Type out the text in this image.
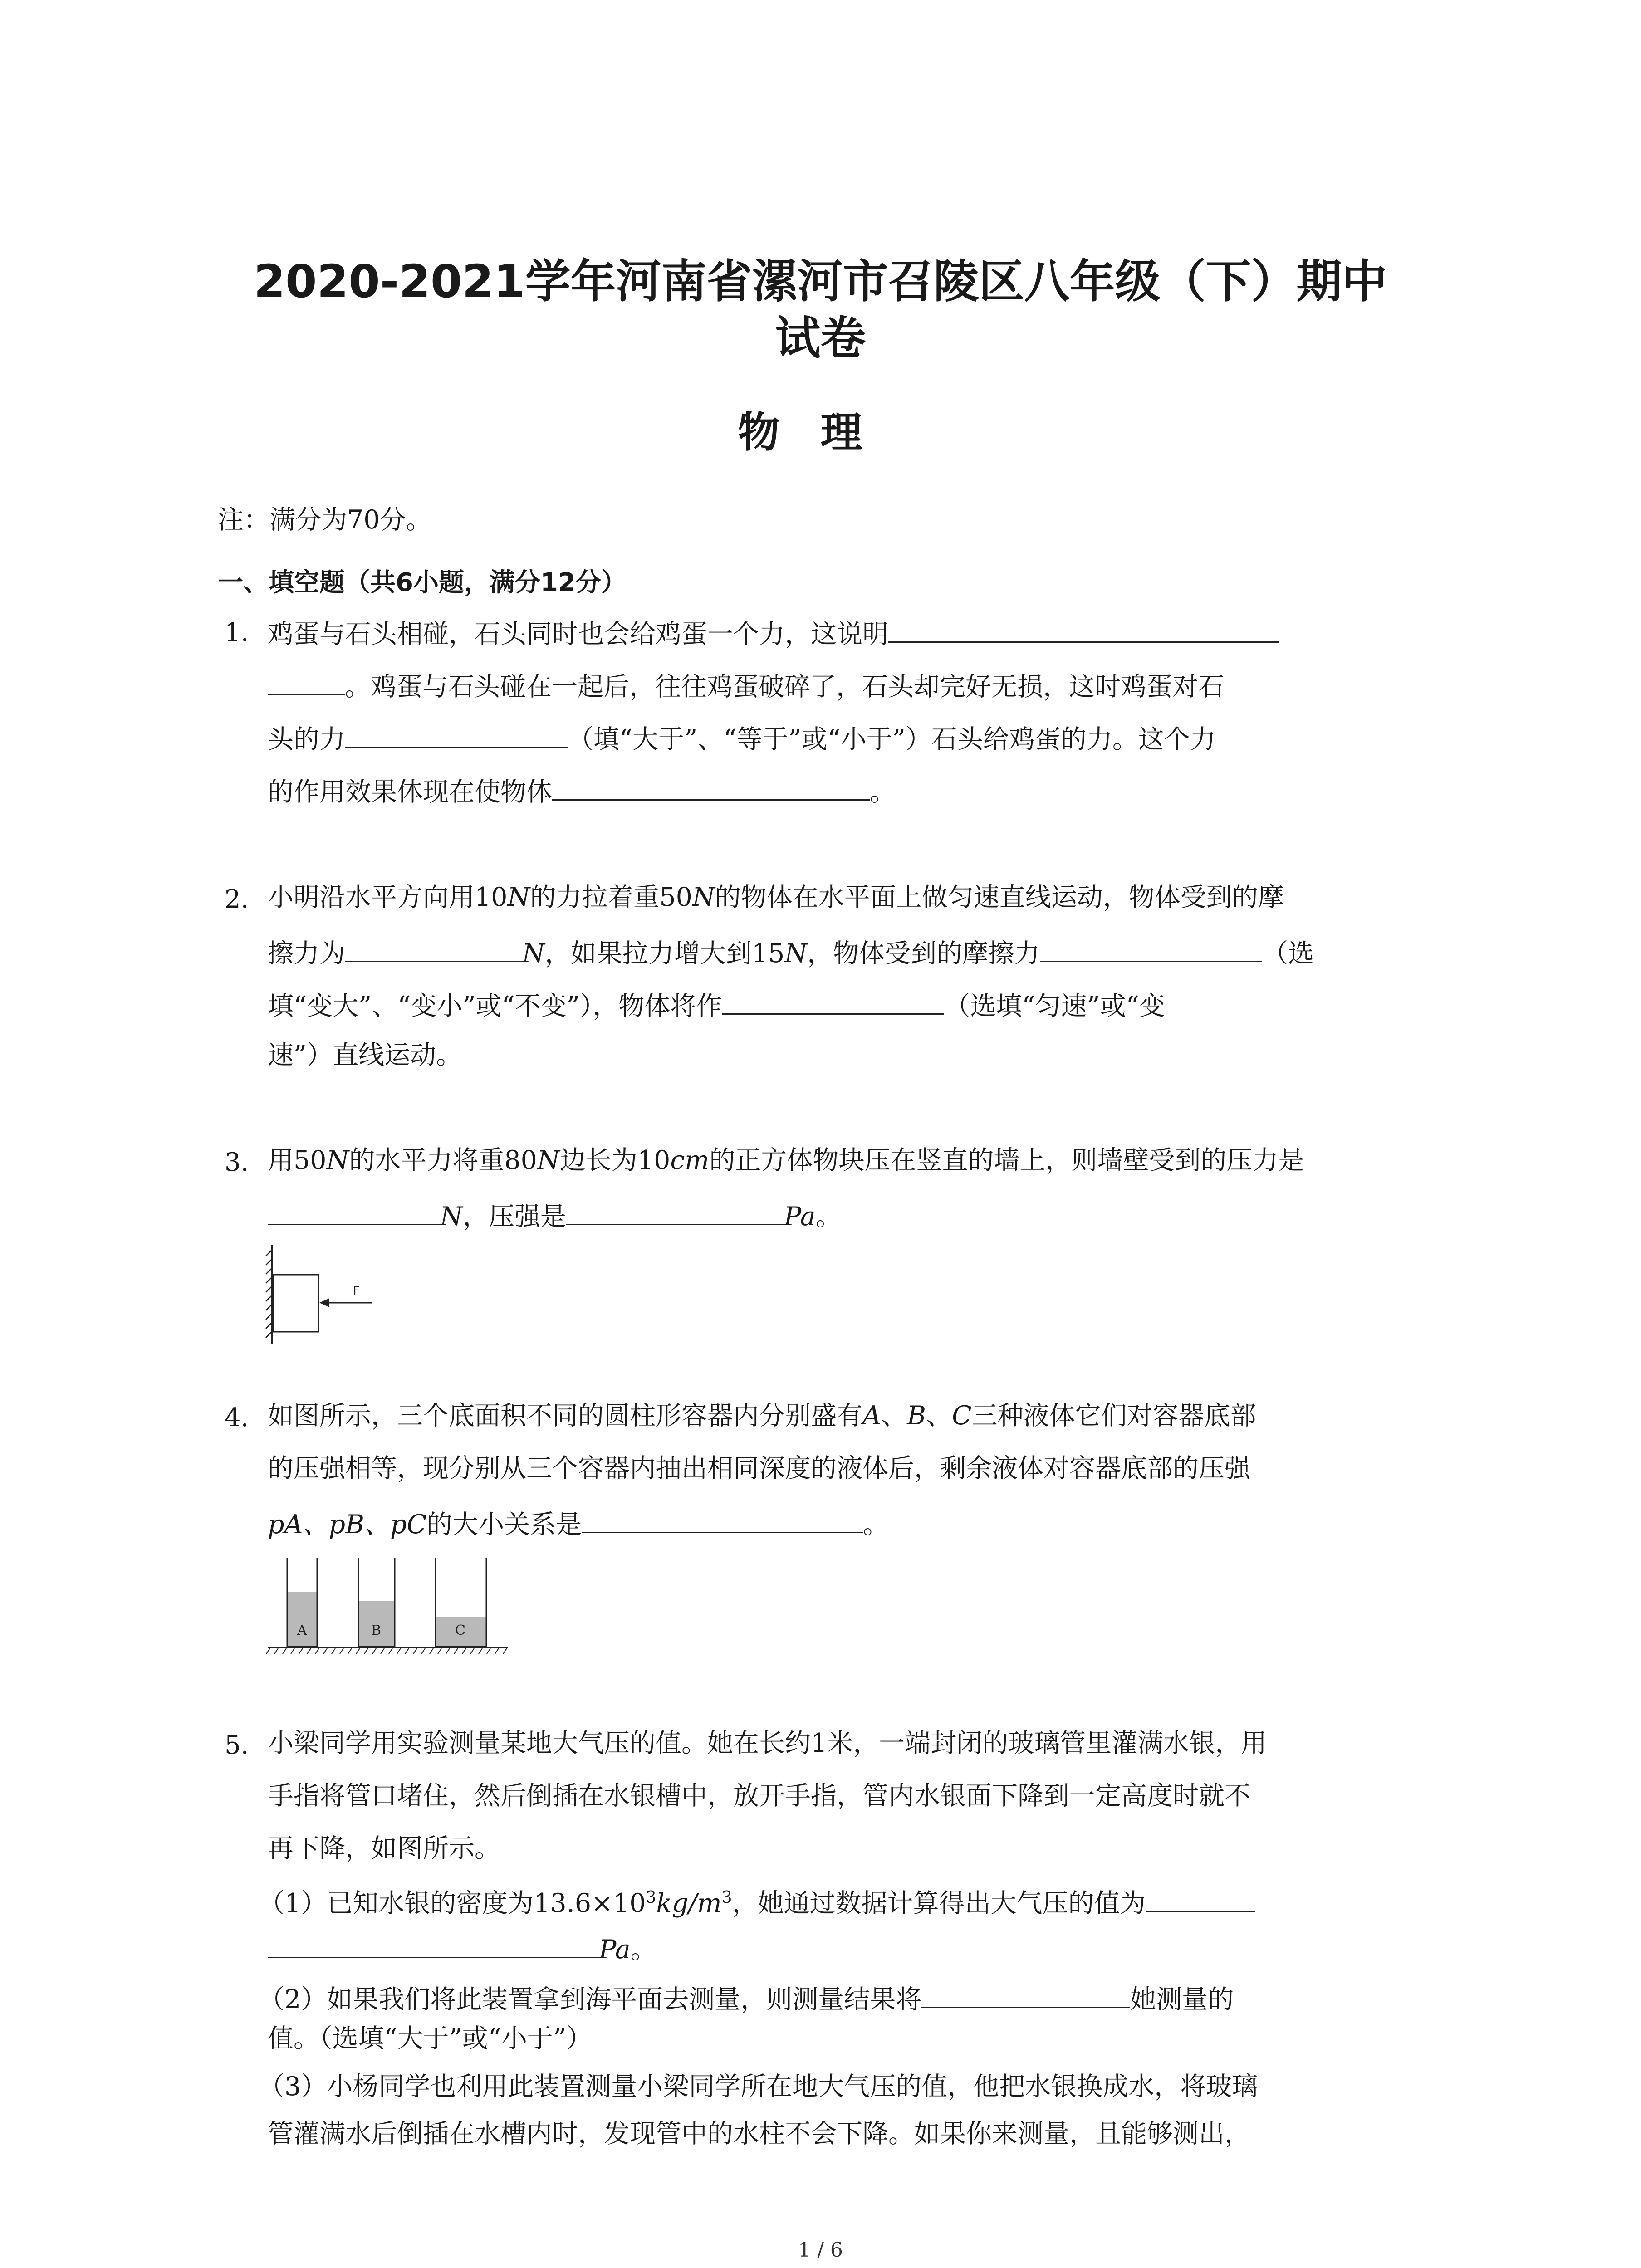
2020-2021学年河南省漯河市召陵区八年级（下）期中
试卷
物理
注：满分为70分。
一、填空题（共6小题，满分12分）
1. 鸡蛋与石头相碰，石头同时也会给鸡蛋一个力，这说明
。鸡蛋与石头碰在一起后，往往鸡蛋破碎了，石头却完好无损，这时鸡蛋对石
头的力	（填“大于”、“等于”或“小于”）石头给鸡蛋的力。这个力
的作用效果体现在使物体	。
2. 小明沿水平方向用10N的力拉着重50N的物体在水平面上做匀速直线运动，物体受到的摩
擦力为	N，如果拉力增大到15N，物体受到的摩擦力	（选
填“变大”、“变小”或“不变”），物体将作	（选填“匀速”或“变
速”）直线运动。
3. 用50N的水平力将重80N边长为10cm的正方体物块压在竖直的墙上，则墙壁受到的压力是
N，压强是	Pa。
F
4. 如图所示，三个底面积不同的圆柱形容器内分别盛有A、B、C三种液体它们对容器底部
的压强相等，现分别从三个容器内抽出相同深度的液体后，剩余液体对容器底部的压强
pA、pB、pC的大小关系是	。
A	B	C
5. 小梁同学用实验测量某地大气压的值。她在长约1米，一端封闭的玻璃管里灌满水银，用
手指将管口堵住，然后倒插在水银槽中，放开手指，管内水银面下降到一定高度时就不
再下降，如图所示。
（1）已知水银的密度为$13.6\times 10^3kg/m^3$，她通过数据计算得出大气压的值为
Pa。
（2）如果我们将此装置拿到海平面去测量，则测量结果将	她测量的
值。（选填“大于”或“小于”）
（3）小杨同学也利用此装置测量小梁同学所在地大气压的值，他把水银换成水，将玻璃
管灌满水后倒插在水槽内时，发现管中的水柱不会下降。如果你来测量，且能够测出，
1 / 6
